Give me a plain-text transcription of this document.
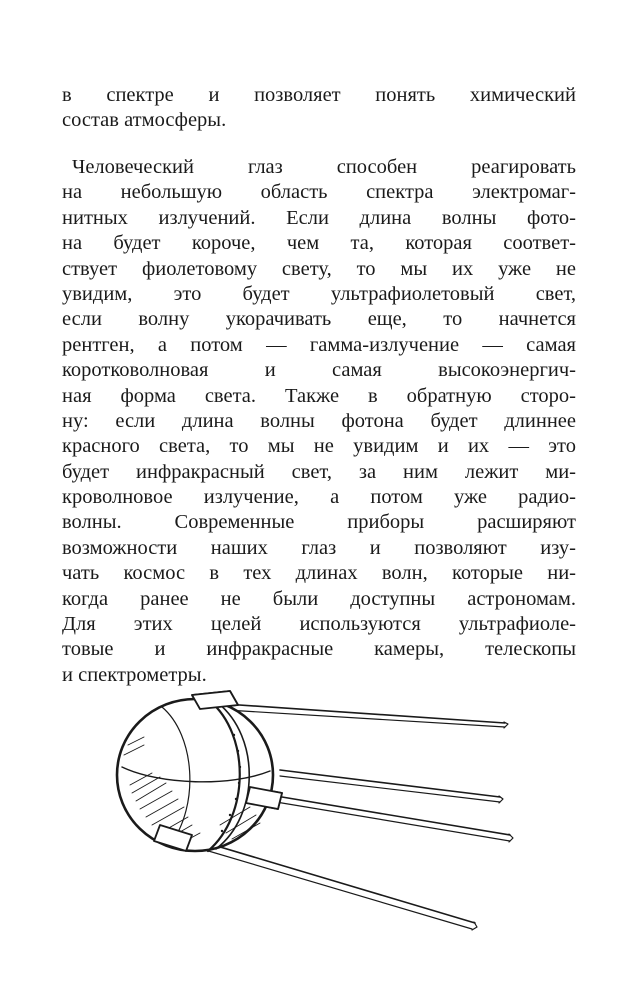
в спектре и позволяет понять химический
состав атмосферы.
Человеческий глаз способен реагировать
на небольшую область спектра электромаг-
нитных излучений. Если длина волны фото-
на будет короче, чем та, которая соответ-
ствует фиолетовому свету, то мы их уже не
увидим, это будет ультрафиолетовый свет,
если волну укорачивать еще, то начнется
рентген, а потом — гамма-излучение — самая
коротковолновая и самая высокоэнергич-
ная форма света. Также в обратную сторо-
ну: если длина волны фотона будет длиннее
красного света, то мы не увидим и их — это
будет инфракрасный свет, за ним лежит ми-
кроволновое излучение, а потом уже радио-
волны. Современные приборы расширяют
возможности наших глаз и позволяют изу-
чать космос в тех длинах волн, которые ни-
когда ранее не были доступны астрономам.
Для этих целей используются ультрафиоле-
товые и инфракрасные камеры, телескопы
и спектрометры.
